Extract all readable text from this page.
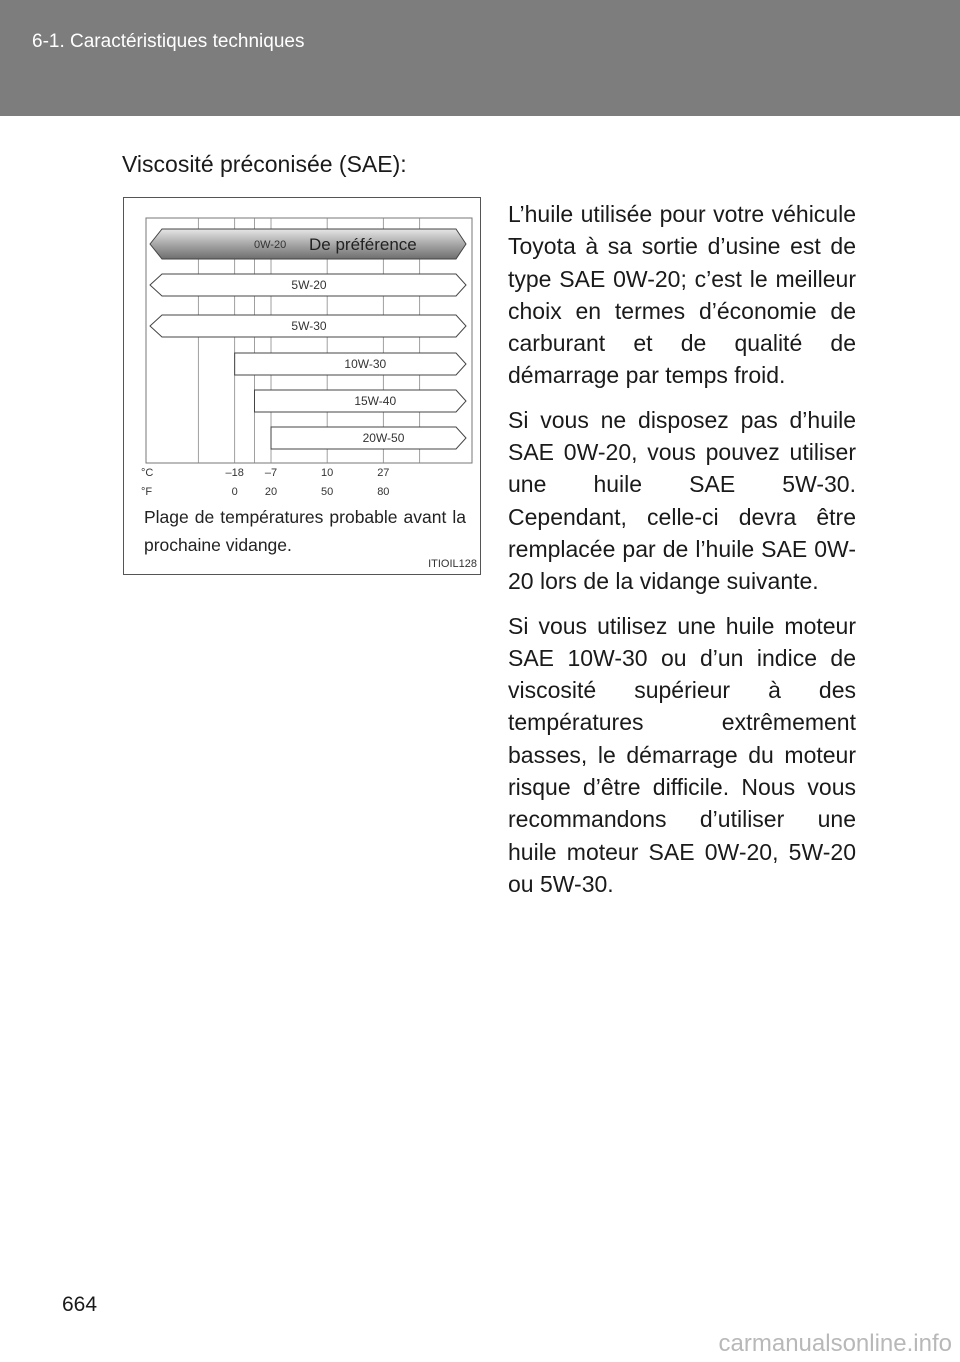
6-1. Caractéristiques techniques
Viscosité préconisée (SAE):
0W-20 De préférence
5W-20
5W-30
10W-30
15W-40
20W-50
°C
°F
–18 –7	10	27
0 20	50	80
Plage de températures probable avant la prochaine vidange.
ITIOIL128

L’huile utilisée pour votre véhicule Toyota à sa sortie d’usine est de type SAE 0W-20; c’est le meilleur choix en termes d’économie de carburant et de qualité de démarrage par temps froid.

Si vous ne disposez pas d’huile SAE 0W-20, vous pouvez utiliser une huile SAE 5W-30. Cependant, celle-ci devra être remplacée par de l’huile SAE 0W-20 lors de la vidange suivante.

Si vous utilisez une huile moteur SAE 10W-30 ou d’un indice de viscosité supérieur à des températures extrêmement basses, le démarrage du moteur risque d’être difficile. Nous vous recommandons d’utiliser une huile moteur SAE 0W-20, 5W-20 ou 5W-30.

664
carmanualsonline.info
